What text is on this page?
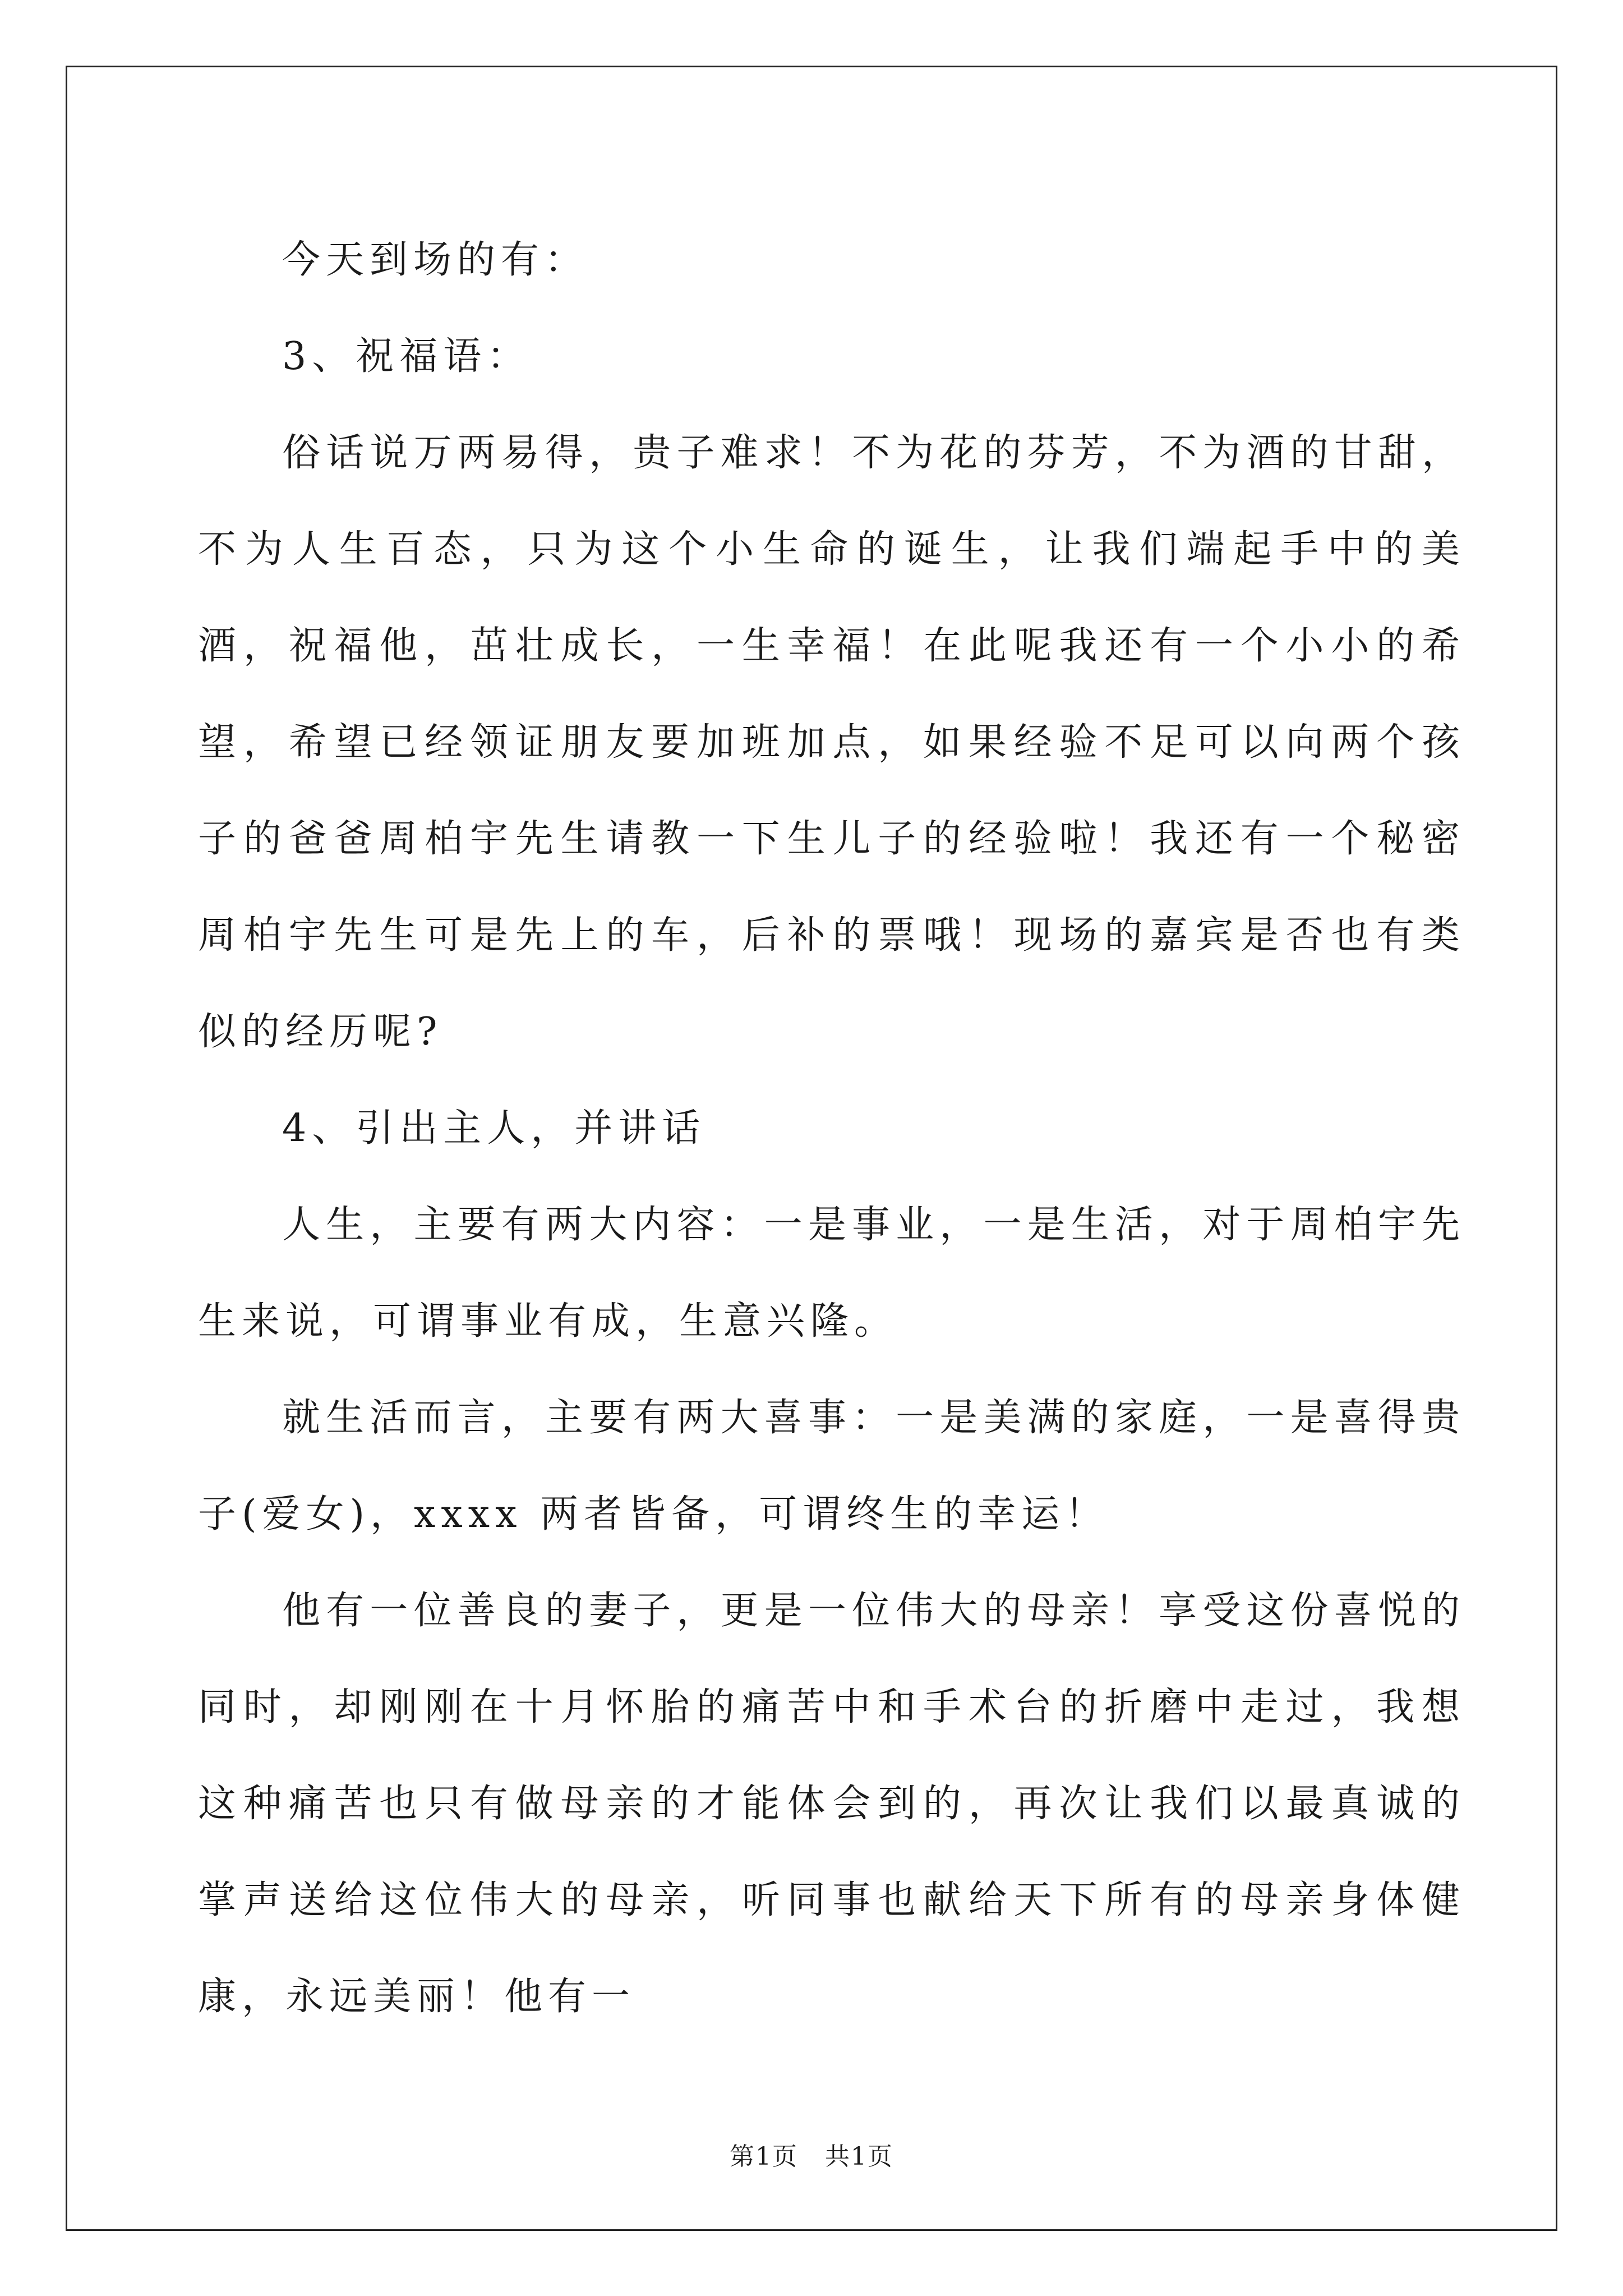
今天到场的有：

3、祝福语：

俗话说万两易得，贵子难求！不为花的芬芳，不为酒的甘甜，不为人生百态，只为这个小生命的诞生，让我们端起手中的美酒，祝福他，茁壮成长，一生幸福！在此呢我还有一个小小的希望，希望已经领证朋友要加班加点，如果经验不足可以向两个孩子的爸爸周柏宇先生请教一下生儿子的经验啦！我还有一个秘密周柏宇先生可是先上的车，后补的票哦！现场的嘉宾是否也有类似的经历呢?

4、引出主人，并讲话

人生，主要有两大内容：一是事业，一是生活，对于周柏宇先生来说，可谓事业有成，生意兴隆。

就生活而言，主要有两大喜事：一是美满的家庭，一是喜得贵子(爱女)，xxxx 两者皆备，可谓终生的幸运！

他有一位善良的妻子，更是一位伟大的母亲！享受这份喜悦的同时，却刚刚在十月怀胎的痛苦中和手术台的折磨中走过，我想这种痛苦也只有做母亲的才能体会到的，再次让我们以最真诚的掌声送给这位伟大的母亲，听同事也献给天下所有的母亲身体健康，永远美丽！他有一

第1页 共1页
